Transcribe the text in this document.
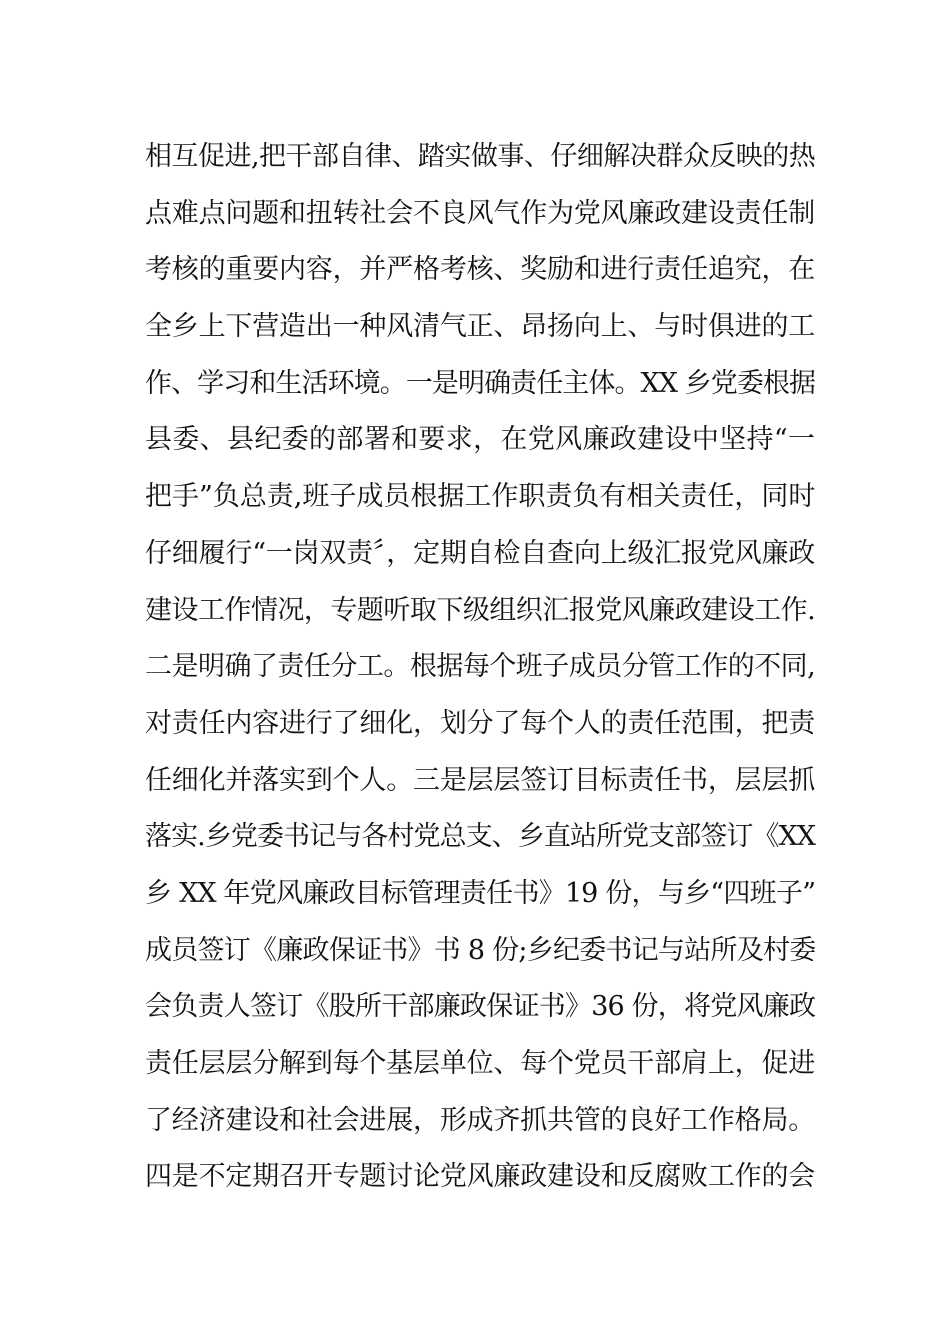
相互促进,把干部自律、踏实做事、仔细解决群众反映的热
点难点问题和扭转社会不良风气作为党风廉政建设责任制
考核的重要内容，并严格考核、奖励和进行责任追究，在
全乡上下营造出一种风清气正、昂扬向上、与时俱进的工
作、学习和生活环境。一是明确责任主体。XX 乡党委根据
县委、县纪委的部署和要求，在党风廉政建设中坚持“一
把手”负总责,班子成员根据工作职责负有相关责任，同时
仔细履行“一岗双责〞，定期自检自查向上级汇报党风廉政
建设工作情况，专题听取下级组织汇报党风廉政建设工作.
二是明确了责任分工。根据每个班子成员分管工作的不同,
对责任内容进行了细化，划分了每个人的责任范围，把责
任细化并落实到个人。三是层层签订目标责任书，层层抓
落实.乡党委书记与各村党总支、乡直站所党支部签订《XX
乡 XX 年党风廉政目标管理责任书》19 份，与乡“四班子”
成员签订《廉政保证书》书 8 份;乡纪委书记与站所及村委
会负责人签订《股所干部廉政保证书》36 份，将党风廉政
责任层层分解到每个基层单位、每个党员干部肩上，促进
了经济建设和社会进展，形成齐抓共管的良好工作格局。
四是不定期召开专题讨论党风廉政建设和反腐败工作的会
